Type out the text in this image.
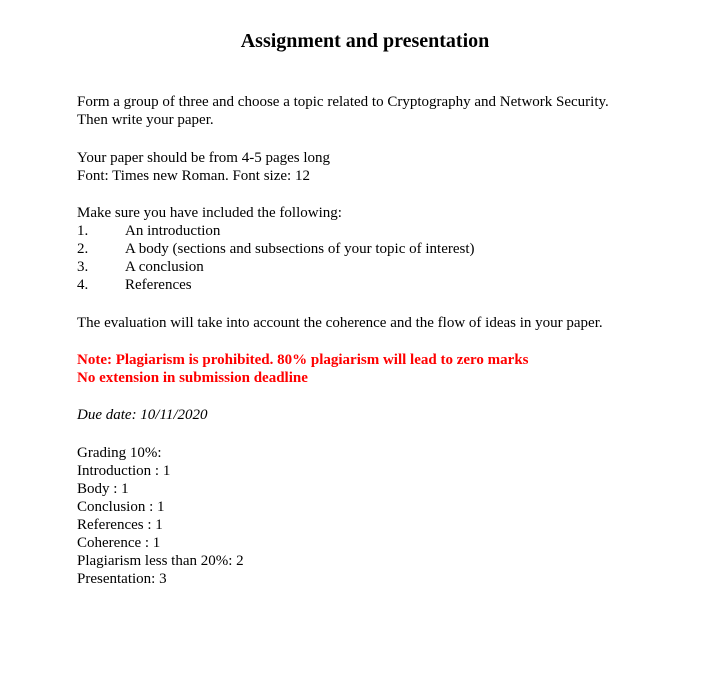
Assignment and presentation
Form a group of three and choose a topic related to Cryptography and Network Security.
Then write your paper.
Your paper should be from 4-5 pages long
Font: Times new Roman. Font size: 12
Make sure you have included the following:
1.	An introduction
2.	A body (sections and subsections of your topic of interest)
3.	A conclusion
4.	References
The evaluation will take into account the coherence and the flow of ideas in your paper.
Note: Plagiarism is prohibited. 80% plagiarism will lead to zero marks
No extension in submission deadline
Due date: 10/11/2020
Grading 10%:
Introduction : 1
Body : 1
Conclusion : 1
References : 1
Coherence : 1
Plagiarism less than 20%: 2
Presentation: 3
